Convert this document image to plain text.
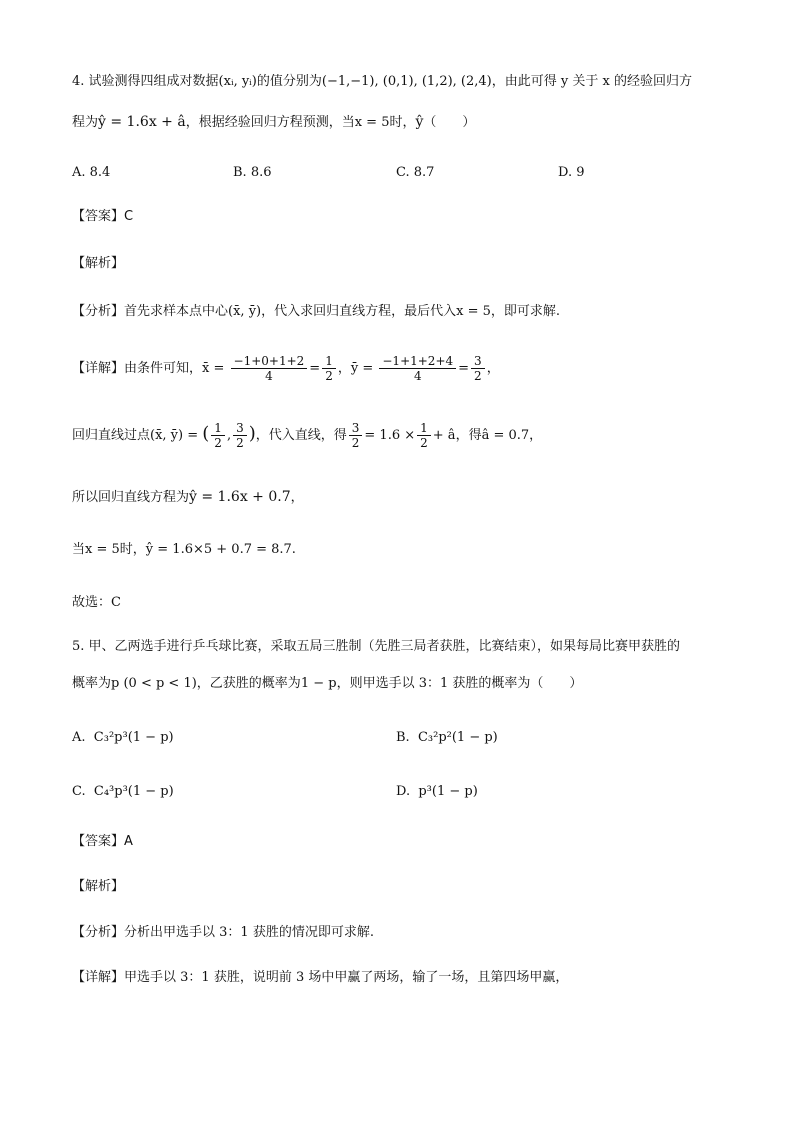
4. 试验测得四组成对数据(xᵢ, yᵢ)的值分别为(−1,−1), (0,1), (1,2), (2,4)，由此可得 y 关于 x 的经验回归方
程为ŷ = 1.6x + â，根据经验回归方程预测，当x = 5时，ŷ（　　）
A. 8.4	B. 8.6	C. 8.7	D. 9
【答案】C
【解析】
【分析】首先求样本点中心(x̄, ȳ)，代入求回归直线方程，最后代入x = 5，即可求解.
【详解】由条件可知，x̄ = $\frac{-1+0+1+2}{4} = \frac{1}{2}$ ，ȳ = $\frac{-1+1+2+4}{4} = \frac{3}{2}$ ，
回归直线过点(x̄, ȳ) = ( $\frac{1}{2}$ , $\frac{3}{2}$ )，代入直线，得 $\frac{3}{2} = 1.6 \times \frac{1}{2}$ + â，得â = 0.7，
所以回归直线方程为ŷ = 1.6x + 0.7，
当x = 5时，ŷ = 1.6×5 + 0.7 = 8.7.
故选：C
5. 甲、乙两选手进行乒乓球比赛，采取五局三胜制（先胜三局者获胜，比赛结束），如果每局比赛甲获胜的
概率为p (0 < p < 1)，乙获胜的概率为1 − p，则甲选手以 3：1 获胜的概率为（　　）
A. C₃²p³(1 − p)	B. C₃²p²(1 − p)
C. C₄³p³(1 − p)	D. p³(1 − p)
【答案】A
【解析】
【分析】分析出甲选手以 3：1 获胜的情况即可求解.
【详解】甲选手以 3：1 获胜，说明前 3 场中甲赢了两场，输了一场，且第四场甲赢，
